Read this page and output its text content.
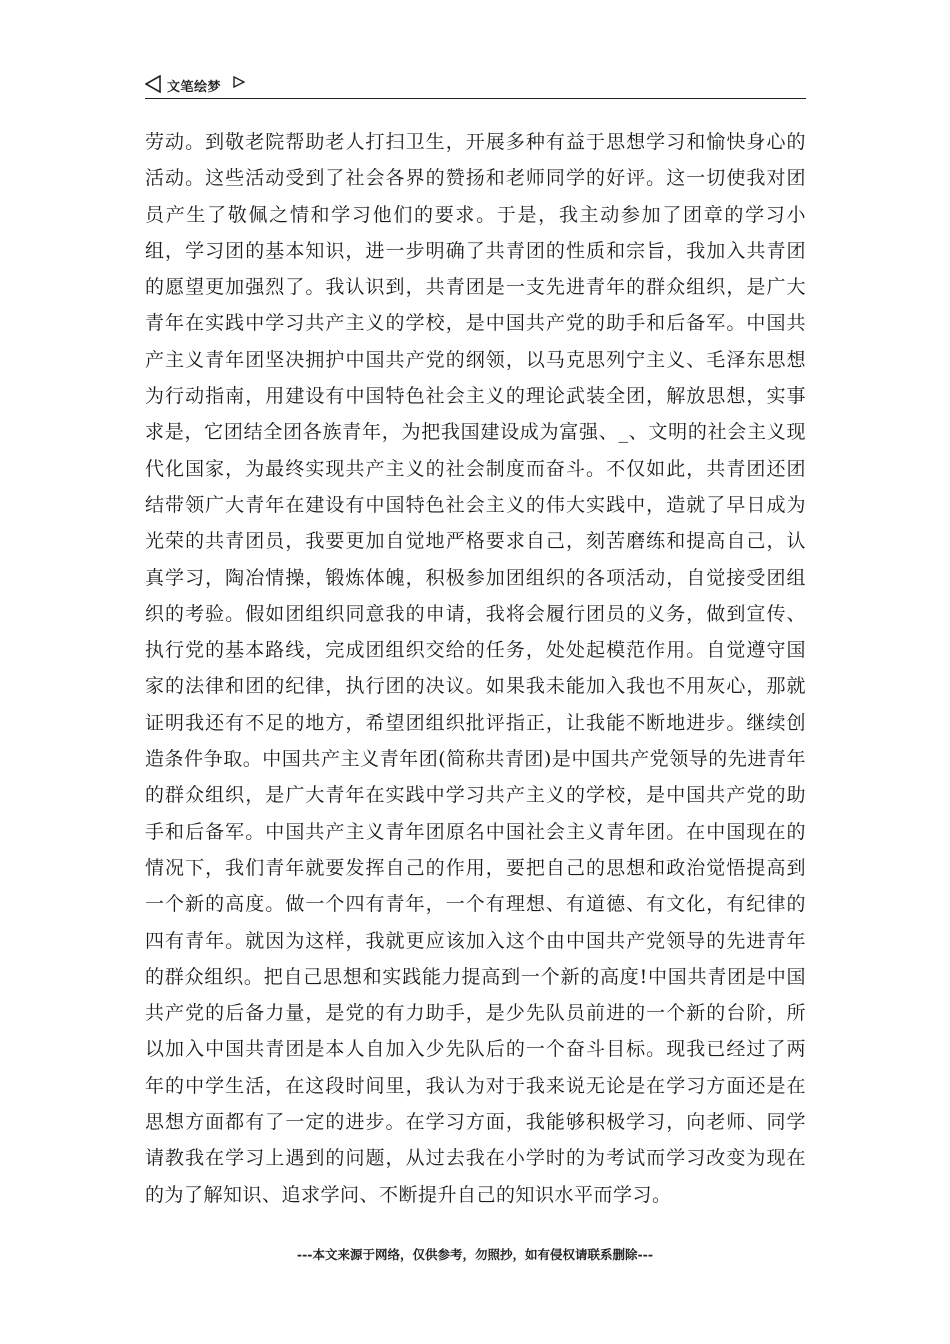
文笔绘梦

劳动。到敬老院帮助老人打扫卫生，开展多种有益于思想学习和愉快身心的活动。这些活动受到了社会各界的赞扬和老师同学的好评。这一切使我对团员产生了敬佩之情和学习他们的要求。于是，我主动参加了团章的学习小组，学习团的基本知识，进一步明确了共青团的性质和宗旨，我加入共青团的愿望更加强烈了。我认识到，共青团是一支先进青年的群众组织，是广大青年在实践中学习共产主义的学校，是中国共产党的助手和后备军。中国共产主义青年团坚决拥护中国共产党的纲领，以马克思列宁主义、毛泽东思想为行动指南，用建设有中国特色社会主义的理论武装全团，解放思想，实事求是，它团结全团各族青年，为把我国建设成为富强、_、文明的社会主义现代化国家，为最终实现共产主义的社会制度而奋斗。不仅如此，共青团还团结带领广大青年在建设有中国特色社会主义的伟大实践中，造就了早日成为光荣的共青团员，我要更加自觉地严格要求自己，刻苦磨练和提高自己，认真学习，陶冶情操，锻炼体魄，积极参加团组织的各项活动，自觉接受团组织的考验。假如团组织同意我的申请，我将会履行团员的义务，做到宣传、执行党的基本路线，完成团组织交给的任务，处处起模范作用。自觉遵守国家的法律和团的纪律，执行团的决议。如果我未能加入我也不用灰心，那就证明我还有不足的地方，希望团组织批评指正，让我能不断地进步。继续创造条件争取。中国共产主义青年团(简称共青团)是中国共产党领导的先进青年的群众组织，是广大青年在实践中学习共产主义的学校，是中国共产党的助手和后备军。中国共产主义青年团原名中国社会主义青年团。在中国现在的情况下，我们青年就要发挥自己的作用，要把自己的思想和政治觉悟提高到一个新的高度。做一个四有青年，一个有理想、有道德、有文化，有纪律的四有青年。就因为这样，我就更应该加入这个由中国共产党领导的先进青年的群众组织。把自己思想和实践能力提高到一个新的高度!中国共青团是中国共产党的后备力量，是党的有力助手，是少先队员前进的一个新的台阶，所以加入中国共青团是本人自加入少先队后的一个奋斗目标。现我已经过了两年的中学生活，在这段时间里，我认为对于我来说无论是在学习方面还是在思想方面都有了一定的进步。在学习方面，我能够积极学习，向老师、同学请教我在学习上遇到的问题，从过去我在小学时的为考试而学习改变为现在的为了解知识、追求学问、不断提升自己的知识水平而学习。

---本文来源于网络，仅供参考，勿照抄，如有侵权请联系删除---
